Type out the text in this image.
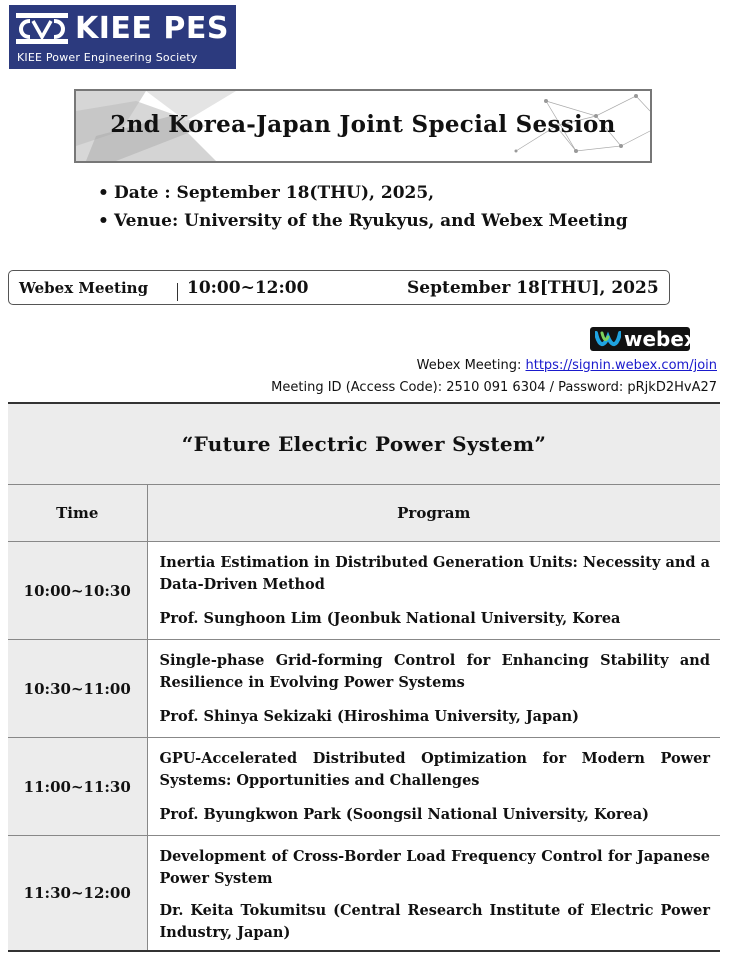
KIEE PES
KIEE Power Engineering Society
2nd Korea-Japan Joint Special Session
• Date : September 18(THU), 2025,
• Venue: University of the Ryukyus, and Webex Meeting
Webex Meeting 10:00~12:00	September 18[THU], 2025
webex
Webex Meeting: https://signin.webex.com/join
Meeting ID (Access Code): 2510 091 6304 / Password: pRjkD2HvA27
“Future Electric Power System”	
Time	Program
10:00~10:30	Inertia Estimation in Distributed Generation Units: Necessity and a Data-Driven Method
Prof. Sunghoon Lim (Jeonbuk National University, Korea

10:30~11:00	Single-phase Grid-forming Control for Enhancing Stability and Resilience in Evolving Power Systems
Prof. Shinya Sekizaki (Hiroshima University, Japan)

11:00~11:30	GPU-Accelerated Distributed Optimization for Modern Power Systems: Opportunities and Challenges
Prof. Byungkwon Park (Soongsil National University, Korea)

11:30~12:00	Development of Cross-Border Load Frequency Control for Japanese Power System
Dr. Keita Tokumitsu (Central Research Institute of Electric Power Industry, Japan)
